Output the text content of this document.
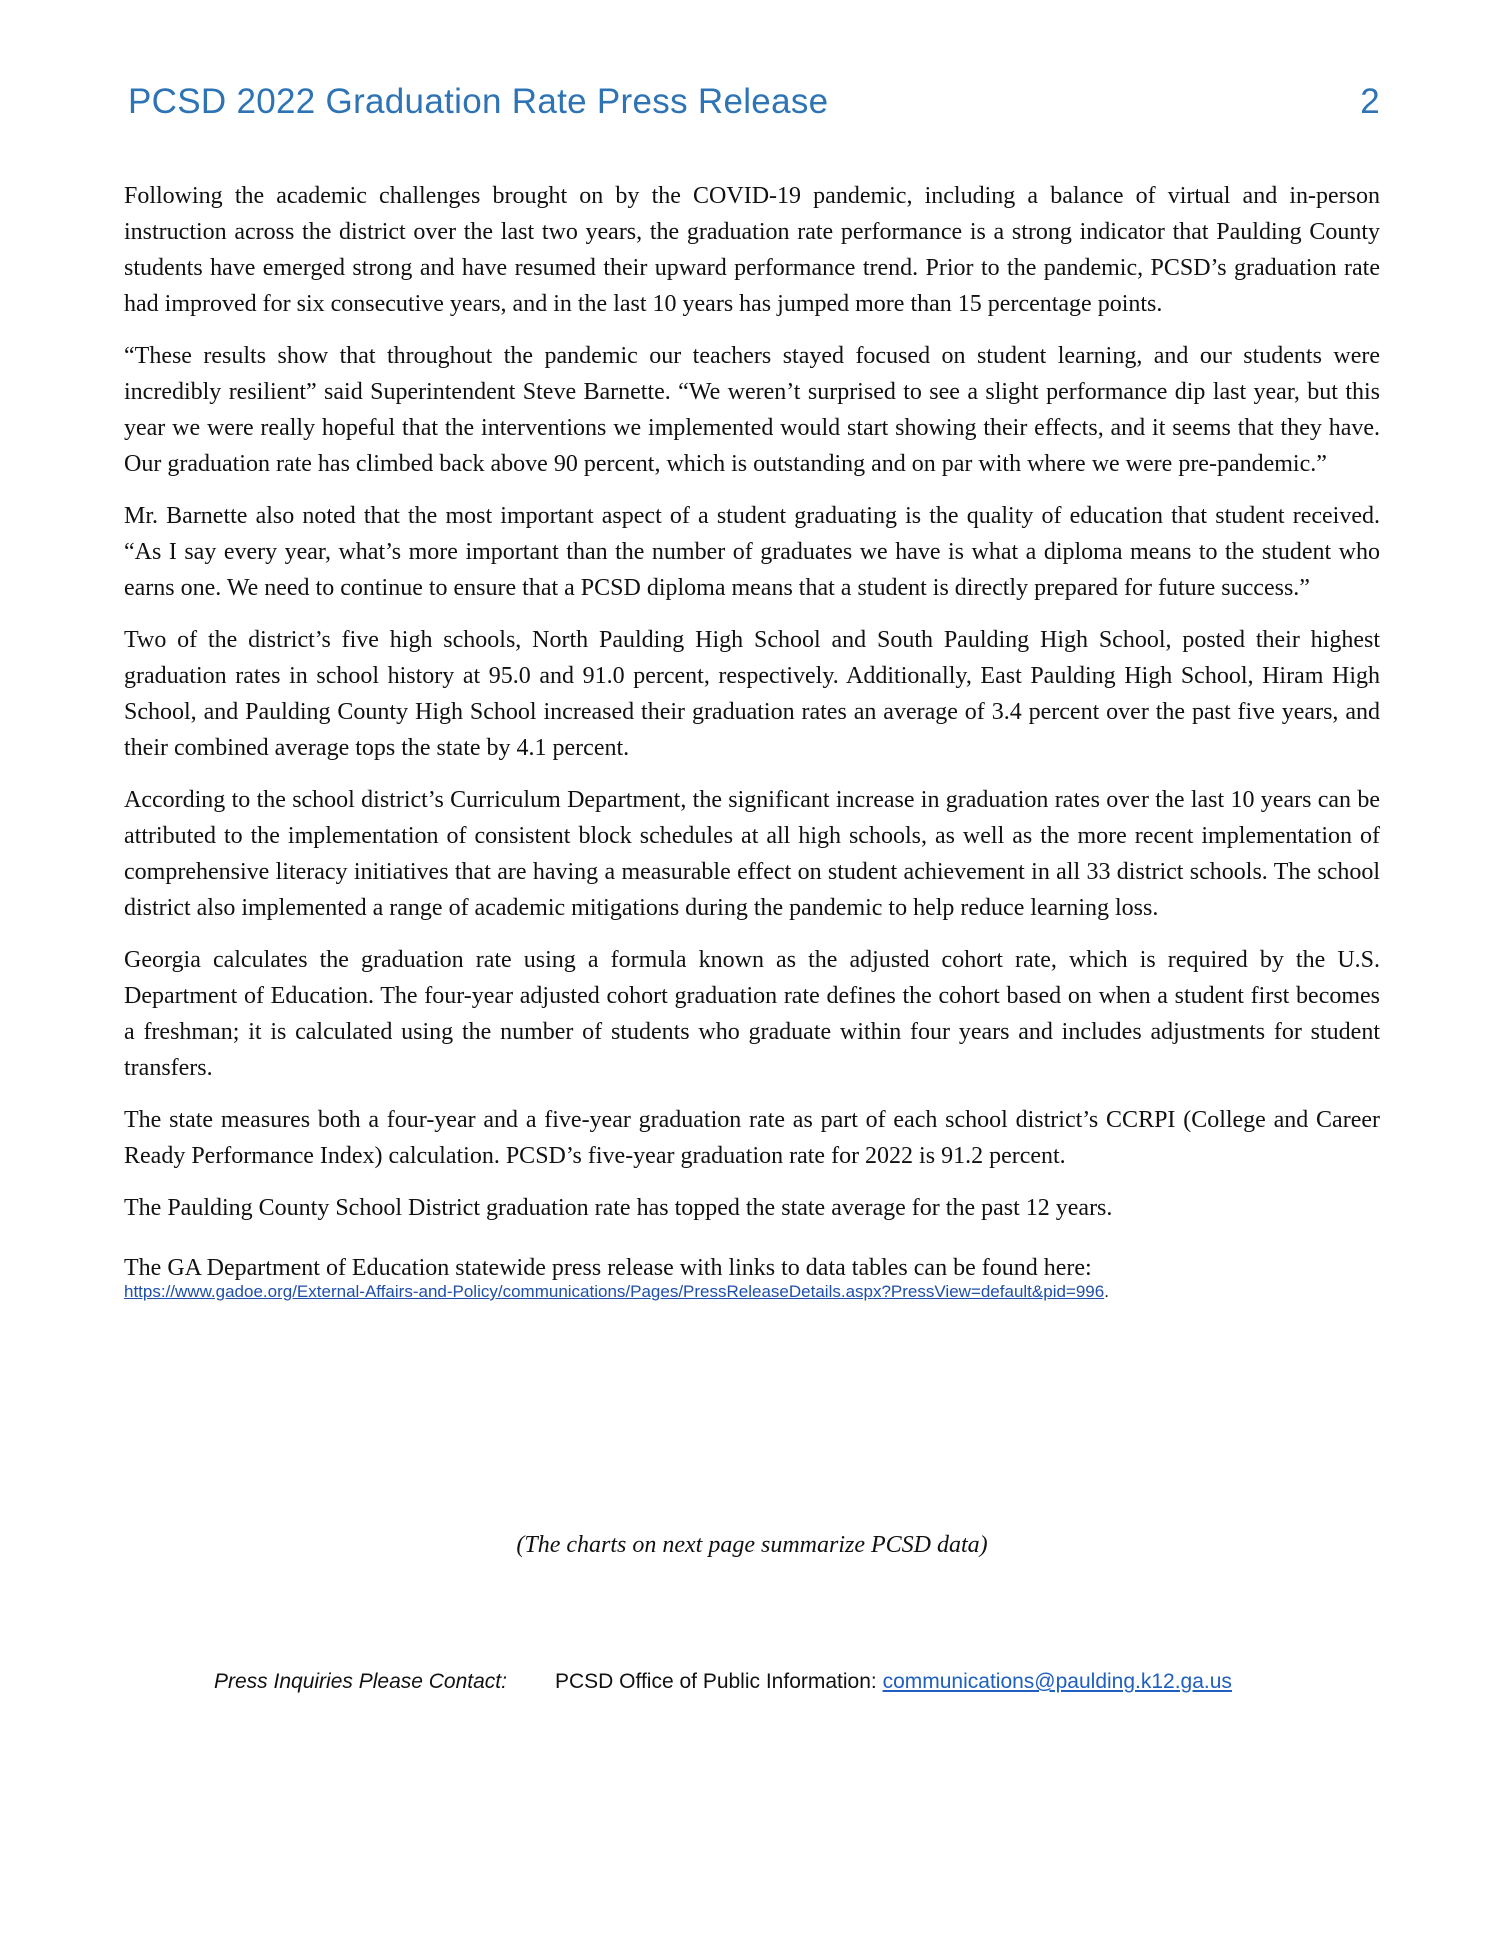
PCSD 2022 Graduation Rate Press Release	2

Following the academic challenges brought on by the COVID-19 pandemic, including a balance of virtual and in-person instruction across the district over the last two years, the graduation rate performance is a strong indicator that Paulding County students have emerged strong and have resumed their upward performance trend. Prior to the pandemic, PCSD’s graduation rate had improved for six consecutive years, and in the last 10 years has jumped more than 15 percentage points.

“These results show that throughout the pandemic our teachers stayed focused on student learning, and our students were incredibly resilient” said Superintendent Steve Barnette. “We weren’t surprised to see a slight performance dip last year, but this year we were really hopeful that the interventions we implemented would start showing their effects, and it seems that they have. Our graduation rate has climbed back above 90 percent, which is outstanding and on par with where we were pre-pandemic.”

Mr. Barnette also noted that the most important aspect of a student graduating is the quality of education that student received. “As I say every year, what’s more important than the number of graduates we have is what a diploma means to the student who earns one. We need to continue to ensure that a PCSD diploma means that a student is directly prepared for future success.”

Two of the district’s five high schools, North Paulding High School and South Paulding High School, posted their highest graduation rates in school history at 95.0 and 91.0 percent, respectively. Additionally, East Paulding High School, Hiram High School, and Paulding County High School increased their graduation rates an average of 3.4 percent over the past five years, and their combined average tops the state by 4.1 percent.

According to the school district’s Curriculum Department, the significant increase in graduation rates over the last 10 years can be attributed to the implementation of consistent block schedules at all high schools, as well as the more recent implementation of comprehensive literacy initiatives that are having a measurable effect on student achievement in all 33 district schools. The school district also implemented a range of academic mitigations during the pandemic to help reduce learning loss.

Georgia calculates the graduation rate using a formula known as the adjusted cohort rate, which is required by the U.S. Department of Education. The four-year adjusted cohort graduation rate defines the cohort based on when a student first becomes a freshman; it is calculated using the number of students who graduate within four years and includes adjustments for student transfers.

The state measures both a four-year and a five-year graduation rate as part of each school district’s CCRPI (College and Career Ready Performance Index) calculation. PCSD’s five-year graduation rate for 2022 is 91.2 percent.

The Paulding County School District graduation rate has topped the state average for the past 12 years.

The GA Department of Education statewide press release with links to data tables can be found here:

https://www.gadoe.org/External-Affairs-and-Policy/communications/Pages/PressReleaseDetails.aspx?PressView=default&pid=996.

(The charts on next page summarize PCSD data)
Press Inquiries Please Contact: PCSD Office of Public Information: communications@paulding.k12.ga.us
